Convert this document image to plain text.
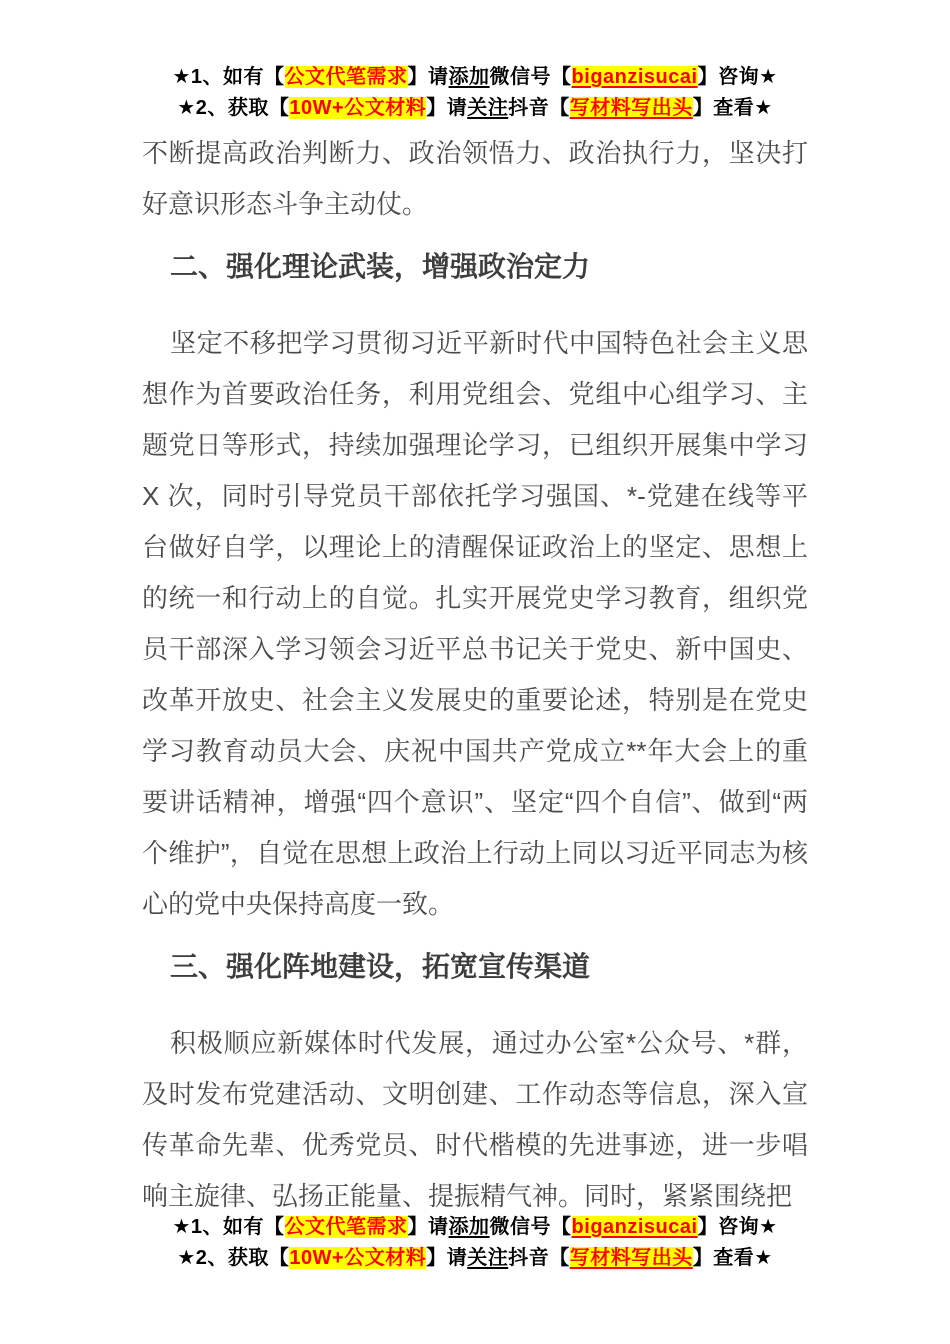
★1、如有【公文代笔需求】请添加微信号【biganzisucai】咨询★
★2、获取【10W+公文材料】请关注抖音【写材料写出头】查看★

不断提高政治判断力、政治领悟力、政治执行力，坚决打好意识形态斗争主动仗。

二、强化理论武装，增强政治定力

坚定不移把学习贯彻习近平新时代中国特色社会主义思想作为首要政治任务，利用党组会、党组中心组学习、主题党日等形式，持续加强理论学习，已组织开展集中学习 X 次，同时引导党员干部依托学习强国、*-党建在线等平台做好自学，以理论上的清醒保证政治上的坚定、思想上的统一和行动上的自觉。扎实开展党史学习教育，组织党员干部深入学习领会习近平总书记关于党史、新中国史、改革开放史、社会主义发展史的重要论述，特别是在党史学习教育动员大会、庆祝中国共产党成立**年大会上的重要讲话精神，增强“四个意识”、坚定“四个自信”、做到“两个维护”，自觉在思想上政治上行动上同以习近平同志为核心的党中央保持高度一致。

三、强化阵地建设，拓宽宣传渠道

积极顺应新媒体时代发展，通过办公室*公众号、*群，及时发布党建活动、文明创建、工作动态等信息，深入宣传革命先辈、优秀党员、时代楷模的先进事迹，进一步唱响主旋律、弘扬正能量、提振精气神。同时，紧紧围绕把

★1、如有【公文代笔需求】请添加微信号【biganzisucai】咨询★
★2、获取【10W+公文材料】请关注抖音【写材料写出头】查看★
